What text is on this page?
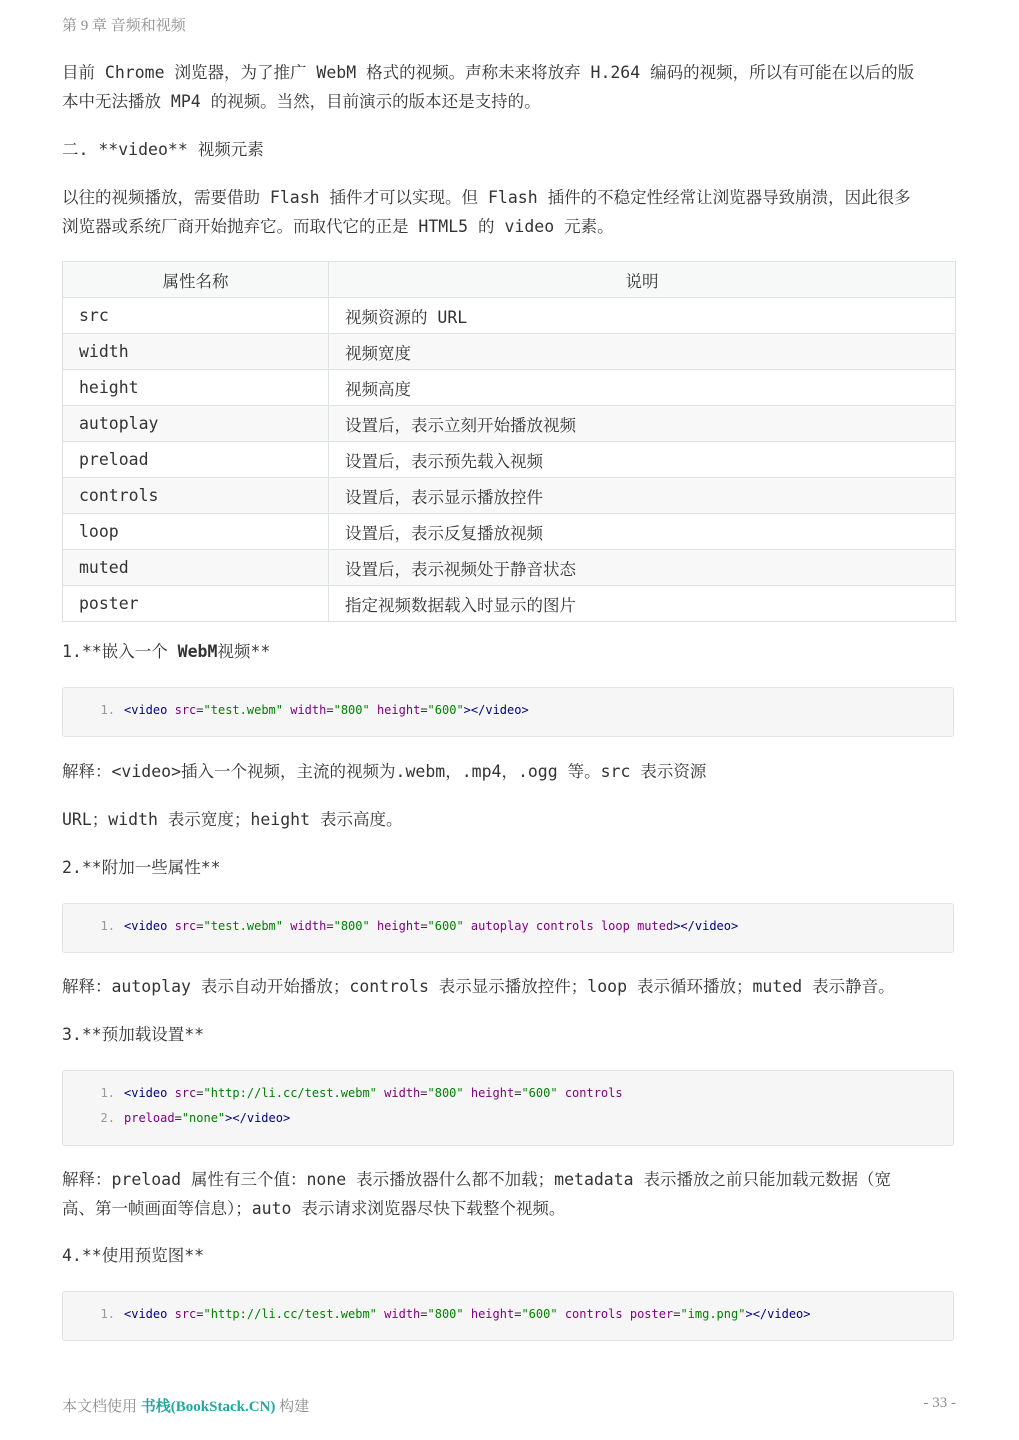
第 9 章 音频和视频
目前 Chrome 浏览器，为了推广 WebM 格式的视频。声称未来将放弃 H.264 编码的视频，所以有可能在以后的版
本中无法播放 MP4 的视频。当然，目前演示的版本还是支持的。
二. **video** 视频元素
以往的视频播放，需要借助 Flash 插件才可以实现。但 Flash 插件的不稳定性经常让浏览器导致崩溃，因此很多
浏览器或系统厂商开始抛弃它。而取代它的正是 HTML5 的 video 元素。
属性名称	说明
src	视频资源的 URL
width	视频宽度
height	视频高度
autoplay	设置后，表示立刻开始播放视频
preload	设置后，表示预先载入视频
controls	设置后，表示显示播放控件
loop	设置后，表示反复播放视频
muted	设置后，表示视频处于静音状态
poster	指定视频数据载入时显示的图片
1.**嵌入一个 WebM视频**
1. <video src="test.webm" width="800" height="600"></video>
解释：<video>插入一个视频，主流的视频为.webm，.mp4，.ogg 等。src 表示资源
URL；width 表示宽度；height 表示高度。
2.**附加一些属性**
1. <video src="test.webm" width="800" height="600" autoplay controls loop muted></video>
解释：autoplay 表示自动开始播放；controls 表示显示播放控件；loop 表示循环播放；muted 表示静音。
3.**预加载设置**
1. <video src="http://li.cc/test.webm" width="800" height="600" controls
2. preload="none"></video>
解释：preload 属性有三个值：none 表示播放器什么都不加载；metadata 表示播放之前只能加载元数据（宽
高、第一帧画面等信息）；auto 表示请求浏览器尽快下载整个视频。
4.**使用预览图**
1. <video src="http://li.cc/test.webm" width="800" height="600" controls poster="img.png"></video>
本文档使用 书栈(BookStack.CN) 构建	- 33 -
